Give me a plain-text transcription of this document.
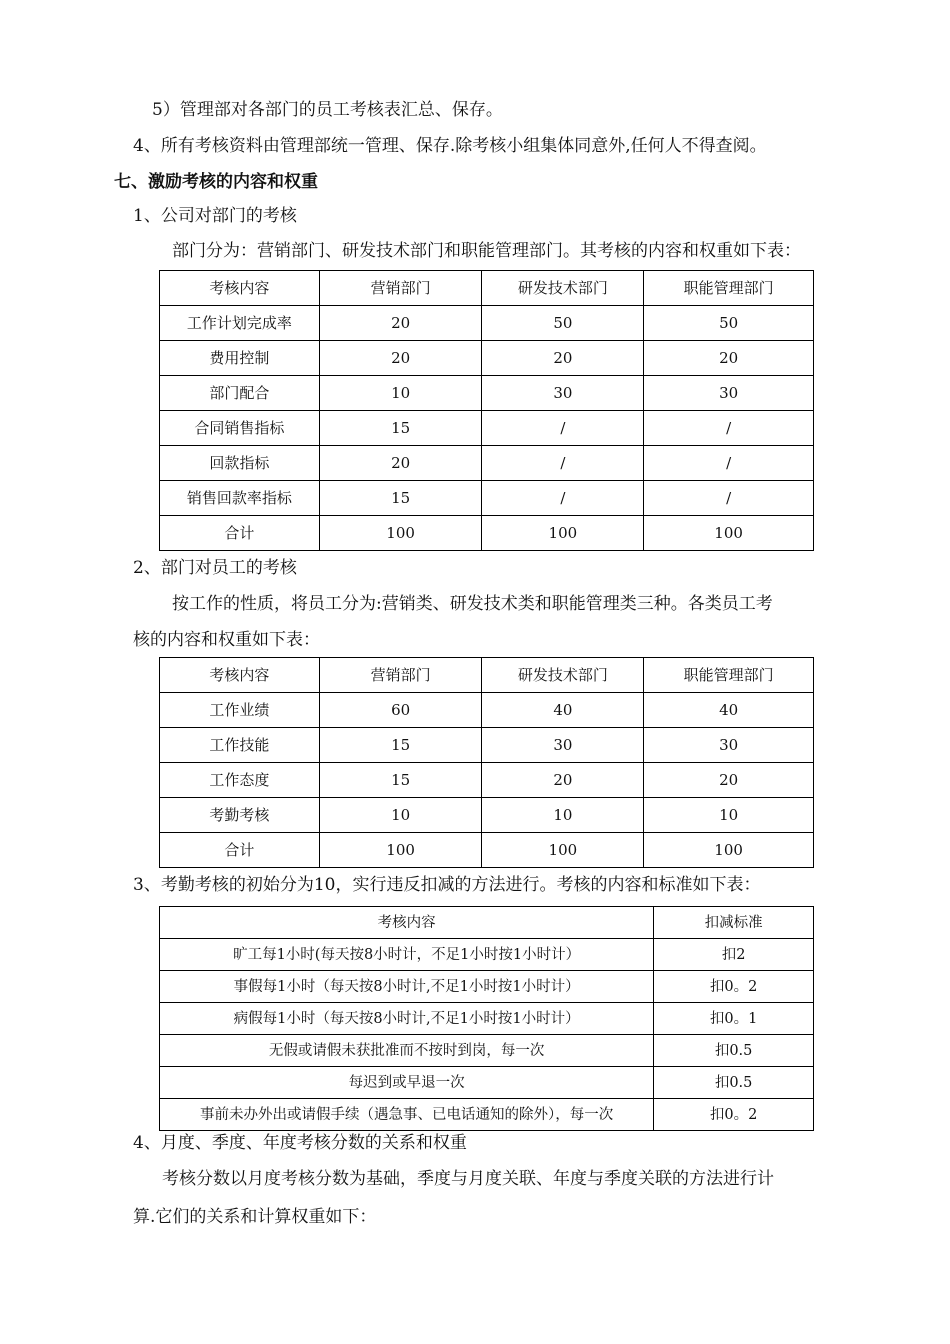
5）管理部对各部门的员工考核表汇总、保存。
4、所有考核资料由管理部统一管理、保存.除考核小组集体同意外,任何人不得查阅。
七、激励考核的内容和权重
1、公司对部门的考核
部门分为：营销部门、研发技术部门和职能管理部门。其考核的内容和权重如下表：
考核内容	营销部门	研发技术部门	职能管理部门
工作计划完成率	20	50	50
费用控制	20	20	20
部门配合	10	30	30
合同销售指标	15	/	/
回款指标	20	/	/
销售回款率指标	15	/	/
合计	100	100	100
2、部门对员工的考核
按工作的性质，将员工分为:营销类、研发技术类和职能管理类三种。各类员工考
核的内容和权重如下表：
考核内容	营销部门	研发技术部门	职能管理部门
工作业绩	60	40	40
工作技能	15	30	30
工作态度	15	20	20
考勤考核	10	10	10
合计	100	100	100
3、考勤考核的初始分为10，实行违反扣减的方法进行。考核的内容和标准如下表：
考核内容	扣减标准
旷工每1小时(每天按8小时计，不足1小时按1小时计）	扣2
事假每1小时（每天按8小时计,不足1小时按1小时计）	扣0。2
病假每1小时（每天按8小时计,不足1小时按1小时计）	扣0。1
无假或请假未获批准而不按时到岗，每一次	扣0.5
每迟到或早退一次	扣0.5
事前未办外出或请假手续（遇急事、已电话通知的除外），每一次	扣0。2
4、月度、季度、年度考核分数的关系和权重
考核分数以月度考核分数为基础，季度与月度关联、年度与季度关联的方法进行计
算.它们的关系和计算权重如下：
